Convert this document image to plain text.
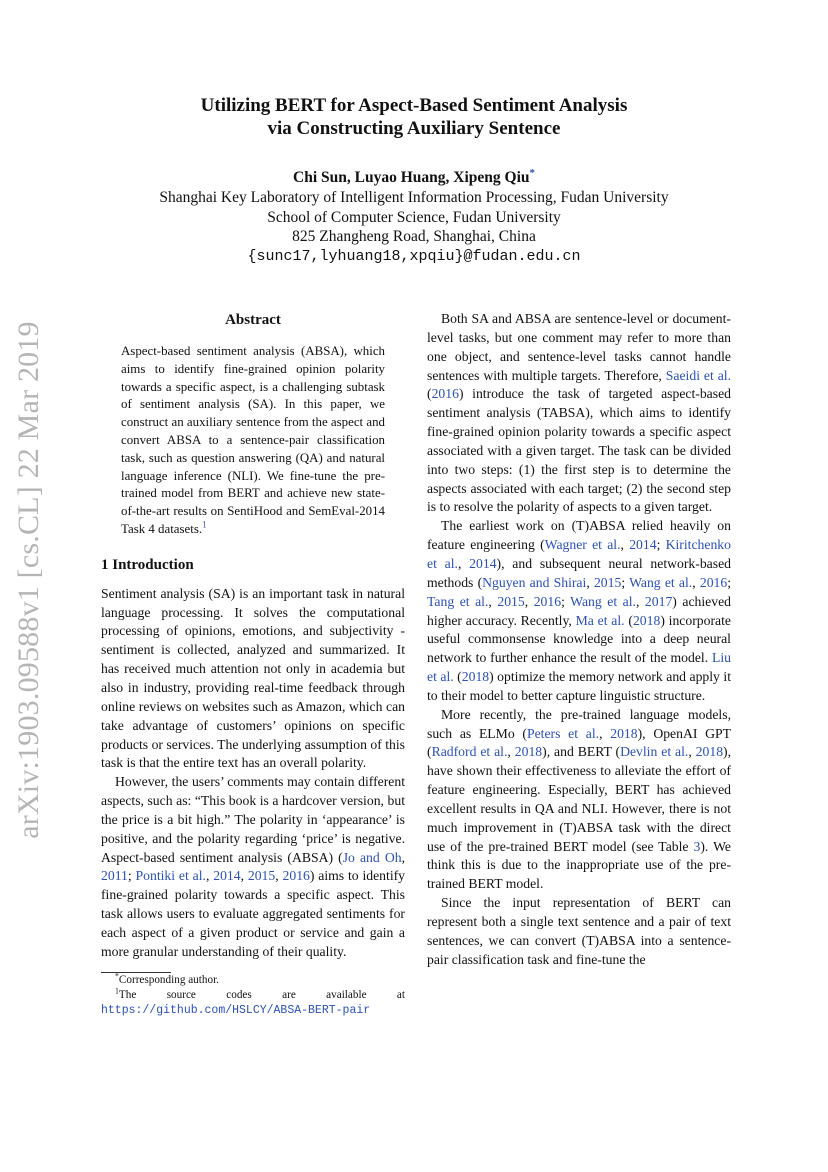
arXiv:1903.09588v1 [cs.CL] 22 Mar 2019
Utilizing BERT for Aspect-Based Sentiment Analysis
via Constructing Auxiliary Sentence
Chi Sun, Luyao Huang, Xipeng Qiu*
Shanghai Key Laboratory of Intelligent Information Processing, Fudan University
School of Computer Science, Fudan University
825 Zhangheng Road, Shanghai, China
{sunc17,lyhuang18,xpqiu}@fudan.edu.cn
Abstract
Aspect-based sentiment analysis (ABSA), which aims to identify fine-grained opinion polarity towards a specific aspect, is a challenging subtask of sentiment analysis (SA). In this paper, we construct an auxiliary sentence from the aspect and convert ABSA to a sentence-pair classification task, such as question answering (QA) and natural language inference (NLI). We fine-tune the pre-trained model from BERT and achieve new state-of-the-art results on SentiHood and SemEval-2014 Task 4 datasets.$^1$
1 Introduction

Sentiment analysis (SA) is an important task in natural language processing. It solves the computational processing of opinions, emotions, and subjectivity - sentiment is collected, analyzed and summarized. It has received much attention not only in academia but also in industry, providing real-time feedback through online reviews on websites such as Amazon, which can take advantage of customers’ opinions on specific products or services. The underlying assumption of this task is that the entire text has an overall polarity.

However, the users’ comments may contain different aspects, such as: “This book is a hardcover version, but the price is a bit high.” The polarity in ‘appearance’ is positive, and the polarity regarding ‘price’ is negative. Aspect-based sentiment analysis (ABSA) (Jo and Oh, 2011; Pontiki et al., 2014, 2015, 2016) aims to identify fine-grained polarity towards a specific aspect. This task allows users to evaluate aggregated sentiments for each aspect of a given product or service and gain a more granular understanding of their quality.

*Corresponding author.
$^1$The source codes are available at
https://github.com/HSLCY/ABSA-BERT-pair

Both SA and ABSA are sentence-level or document-level tasks, but one comment may refer to more than one object, and sentence-level tasks cannot handle sentences with multiple targets. Therefore, Saeidi et al. (2016) introduce the task of targeted aspect-based sentiment analysis (TABSA), which aims to identify fine-grained opinion polarity towards a specific aspect associated with a given target. The task can be divided into two steps: (1) the first step is to determine the aspects associated with each target; (2) the second step is to resolve the polarity of aspects to a given target.

The earliest work on (T)ABSA relied heavily on feature engineering (Wagner et al., 2014; Kiritchenko et al., 2014), and subsequent neural network-based methods (Nguyen and Shirai, 2015; Wang et al., 2016; Tang et al., 2015, 2016; Wang et al., 2017) achieved higher accuracy. Recently, Ma et al. (2018) incorporate useful commonsense knowledge into a deep neural network to further enhance the result of the model. Liu et al. (2018) optimize the memory network and apply it to their model to better capture linguistic structure.

More recently, the pre-trained language models, such as ELMo (Peters et al., 2018), OpenAI GPT (Radford et al., 2018), and BERT (Devlin et al., 2018), have shown their effectiveness to alleviate the effort of feature engineering. Especially, BERT has achieved excellent results in QA and NLI. However, there is not much improvement in (T)ABSA task with the direct use of the pre-trained BERT model (see Table 3). We think this is due to the inappropriate use of the pre-trained BERT model.

Since the input representation of BERT can represent both a single text sentence and a pair of text sentences, we can convert (T)ABSA into a sentence-pair classification task and fine-tune the
